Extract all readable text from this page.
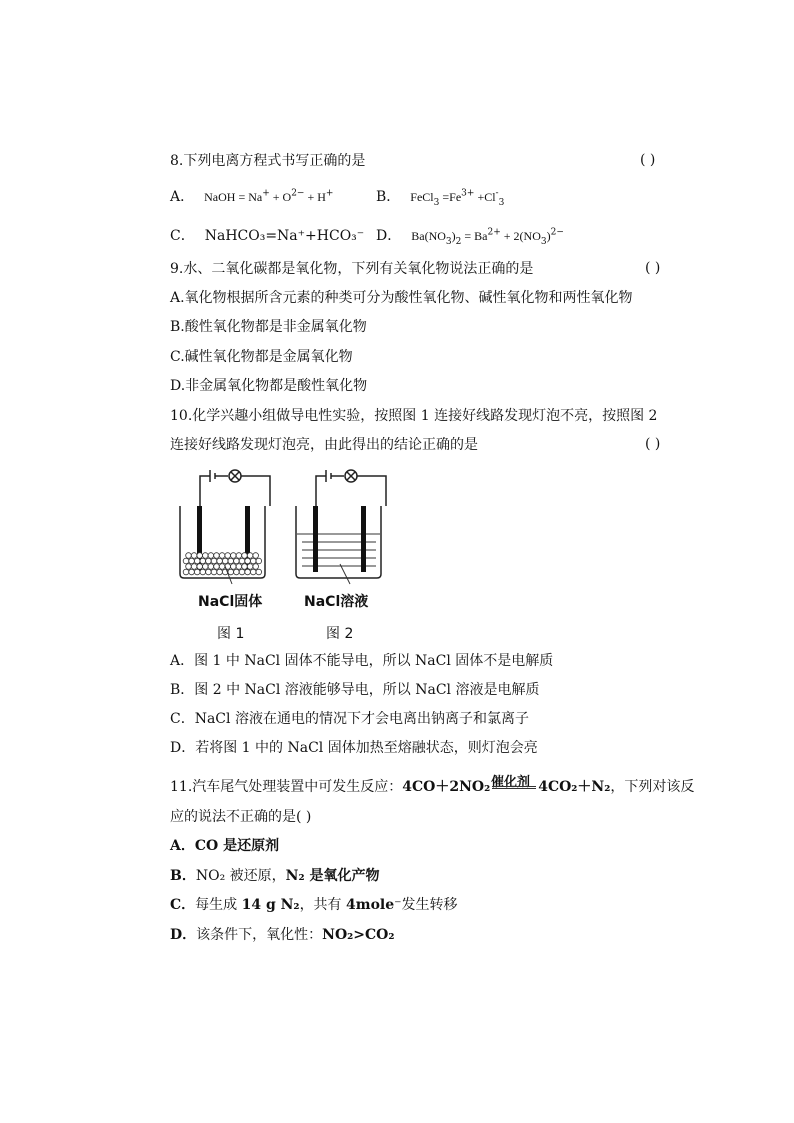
8.下列电离方程式书写正确的是	( )
A． NaOH = $Na^+ + O^{2-} + H^+$	B． FeCl$_3$ $=Fe^{3+} +Cl^-_3$
C． NaHCO₃=Na⁺+HCO₃⁻ D． $Ba(NO_3)_2 = Ba^{2+} + 2(NO_3)^{2-}$
9.水、二氧化碳都是氧化物，下列有关氧化物说法正确的是	( )
A.氧化物根据所含元素的种类可分为酸性氧化物、碱性氧化物和两性氧化物
B.酸性氧化物都是非金属氧化物
C.碱性氧化物都是金属氧化物
D.非金属氧化物都是酸性氧化物
10.化学兴趣小组做导电性实验，按照图 1 连接好线路发现灯泡不亮，按照图 2
连接好线路发现灯泡亮，由此得出的结论正确的是	( )
NaCl固体	NaCl溶液
图 1	图 2
A．图 1 中 NaCl 固体不能导电，所以 NaCl 固体不是电解质
B．图 2 中 NaCl 溶液能够导电，所以 NaCl 溶液是电解质
C．NaCl 溶液在通电的情况下才会电离出钠离子和氯离子
D．若将图 1 中的 NaCl 固体加热至熔融状态，则灯泡会亮
催化剂
11.汽车尾气处理装置中可发生反应：4CO＋2NO₂	4CO₂＋N₂，下列对该反
应的说法不正确的是( )
A．CO 是还原剂
B．NO₂ 被还原，N₂ 是氧化产物
C．每生成 14 g N₂，共有 4mole⁻发生转移
D．该条件下，氧化性：NO₂>CO₂
